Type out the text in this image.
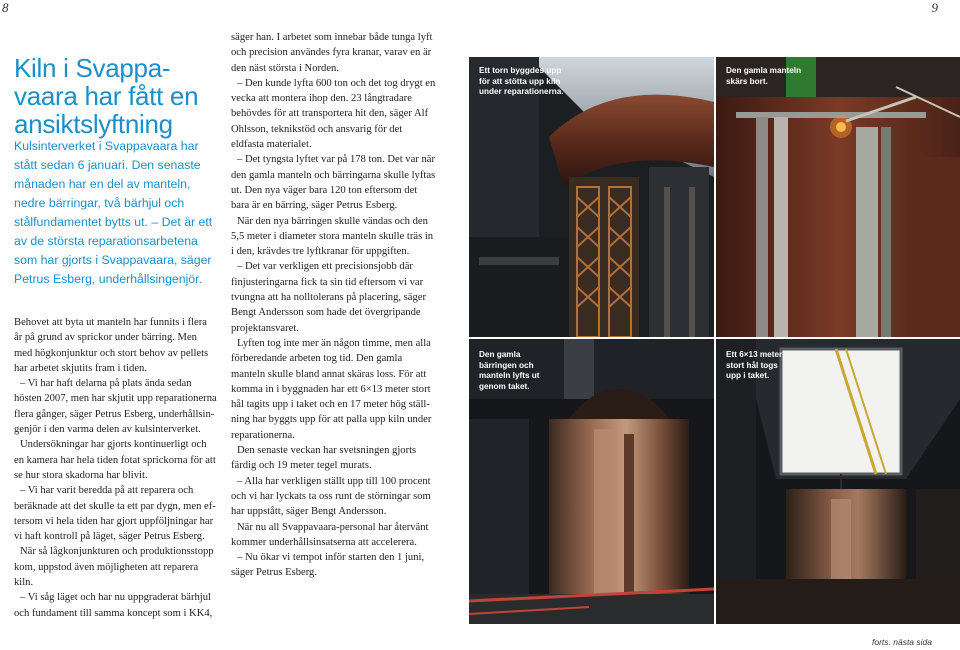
8	9
Kiln i Svappavaara har fått en ansiktslyftning
Kulsinterverket i Svappavaara har stått sedan 6 januari. Den senaste månaden har en del av manteln, nedre bärringar, två bärhjul och stålfundamentet bytts ut. – Det är ett av de största reparationsarbetena som har gjorts i Svappavaara, säger Petrus Esberg, underhållsingenjör.

Behovet att byta ut manteln har funnits i flera år på grund av sprickor under bärring. Men med högkonjunktur och stort behov av pellets har arbetet skjutits fram i tiden.

– Vi har haft delarna på plats ända sedan hösten 2007, men har skjutit upp reparationerna flera gånger, säger Petrus Esberg, underhållsingenjör i den varma delen av kulsinterverket.

Undersökningar har gjorts kontinuerligt och en kamera har hela tiden fotat sprickorna för att se hur stora skadorna har blivit.

– Vi har varit beredda på att reparera och beräknade att det skulle ta ett par dygn, men eftersom vi hela tiden har gjort uppföljningar har vi haft kontroll på läget, säger Petrus Esberg.

När så lågkonjunkturen och produktionsstopp kom, uppstod även möjligheten att reparera kiln.

– Vi såg läget och har nu uppgraderat bärhjul och fundament till samma koncept som i KK4,

säger han. I arbetet som innebar både tunga lyft och precision användes fyra kranar, varav en är den näst största i Norden.

– Den kunde lyfta 600 ton och det tog drygt en vecka att montera ihop den. 23 långtradare behövdes för att transportera hit den, säger Alf Ohlsson, teknikstöd och ansvarig för det eldfasta materialet.

– Det tyngsta lyftet var på 178 ton. Det var när den gamla manteln och bärringarna skulle lyftas ut. Den nya väger bara 120 ton eftersom det bara är en bärring, säger Petrus Esberg.

När den nya bärringen skulle vändas och den 5,5 meter i diameter stora manteln skulle träs in i den, krävdes tre lyftkranar för uppgiften.

– Det var verkligen ett precisionsjobb där finjusteringarna fick ta sin tid eftersom vi var tvungna att ha nolltolerans på placering, säger Bengt Andersson som hade det övergripande projektansvaret.

Lyften tog inte mer än någon timme, men alla förberedande arbeten tog tid. Den gamla manteln skulle bland annat skäras loss. För att komma in i byggnaden har ett 6×13 meter stort hål tagits upp i taket och en 17 meter hög ställning har byggts upp för att palla upp kiln under reparationerna.

Den senaste veckan har svetsningen gjorts färdig och 19 meter tegel murats.

– Alla har verkligen ställt upp till 100 procent och vi har lyckats ta oss runt de störningar som har uppstått, säger Bengt Andersson.

När nu all Svappavaara-personal har återvänt kommer underhållsinsatserna att accelerera.

– Nu ökar vi tempot inför starten den 1 juni, säger Petrus Esberg.

Ett torn byggdes upp för att stötta upp kiln under reparationerna.
Den gamla manteln skärs bort.
Den gamla bärringen och manteln lyfts ut genom taket.
Ett 6×13 meter stort hål togs upp i taket.
forts. nästa sida
